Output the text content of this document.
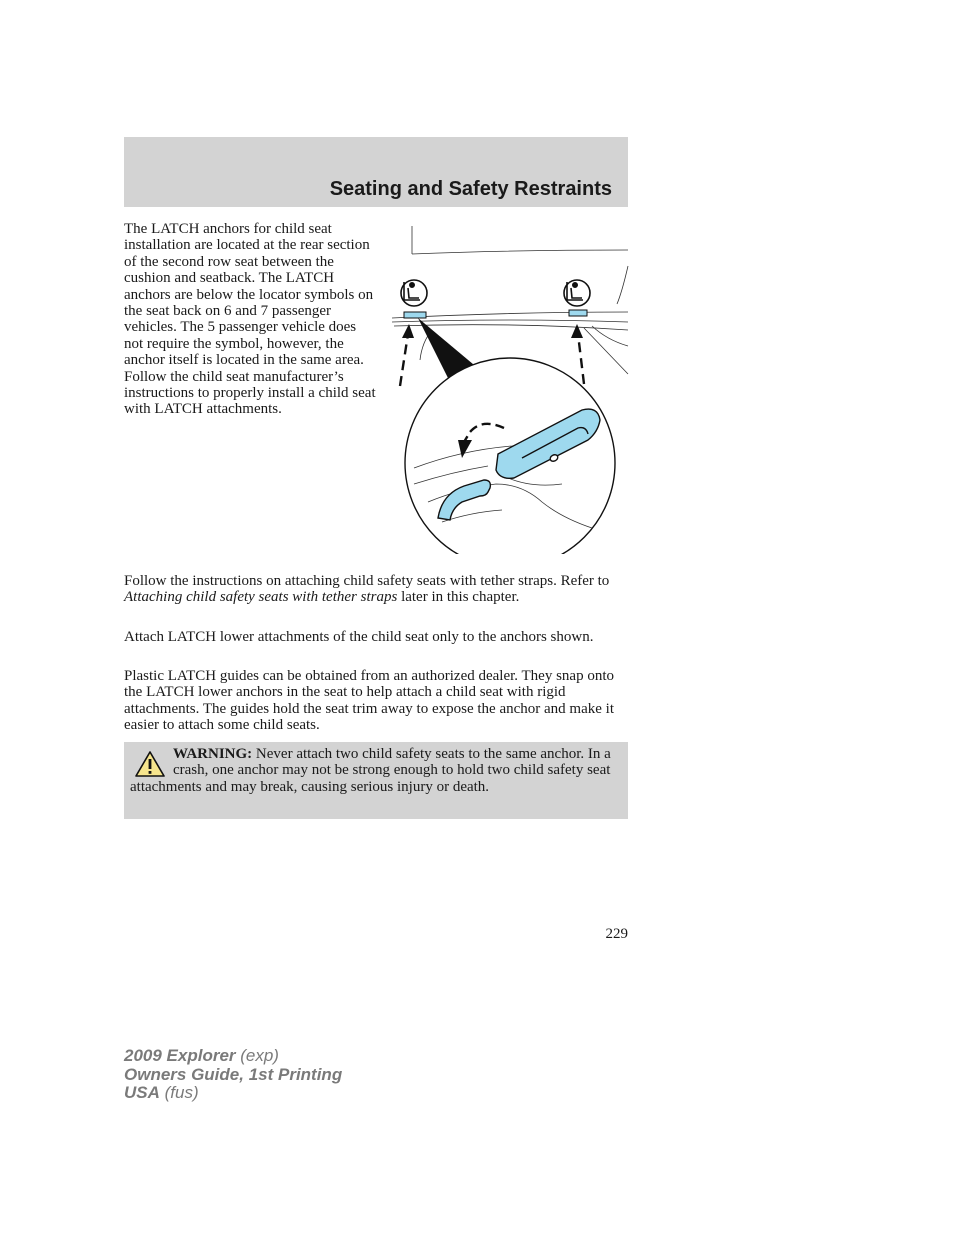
Seating and Safety Restraints
The LATCH anchors for child seat installation are located at the rear section of the second row seat between the cushion and seatback. The LATCH anchors are below the locator symbols on the seat back on 6 and 7 passenger vehicles. The 5 passenger vehicle does not require the symbol, however, the anchor itself is located in the same area. Follow the child seat manufacturer’s instructions to properly install a child seat with LATCH attachments.

Follow the instructions on attaching child safety seats with tether straps. Refer to Attaching child safety seats with tether straps later in this chapter.

Attach LATCH lower attachments of the child seat only to the anchors shown.

Plastic LATCH guides can be obtained from an authorized dealer. They snap onto the LATCH lower anchors in the seat to help attach a child seat with rigid attachments. The guides hold the seat trim away to expose the anchor and make it easier to attach some child seats.

WARNING: Never attach two child safety seats to the same anchor. In a crash, one anchor may not be strong enough to hold two child safety seat attachments and may break, causing serious injury or death.
229
2009 Explorer (exp)
Owners Guide, 1st Printing
USA (fus)
